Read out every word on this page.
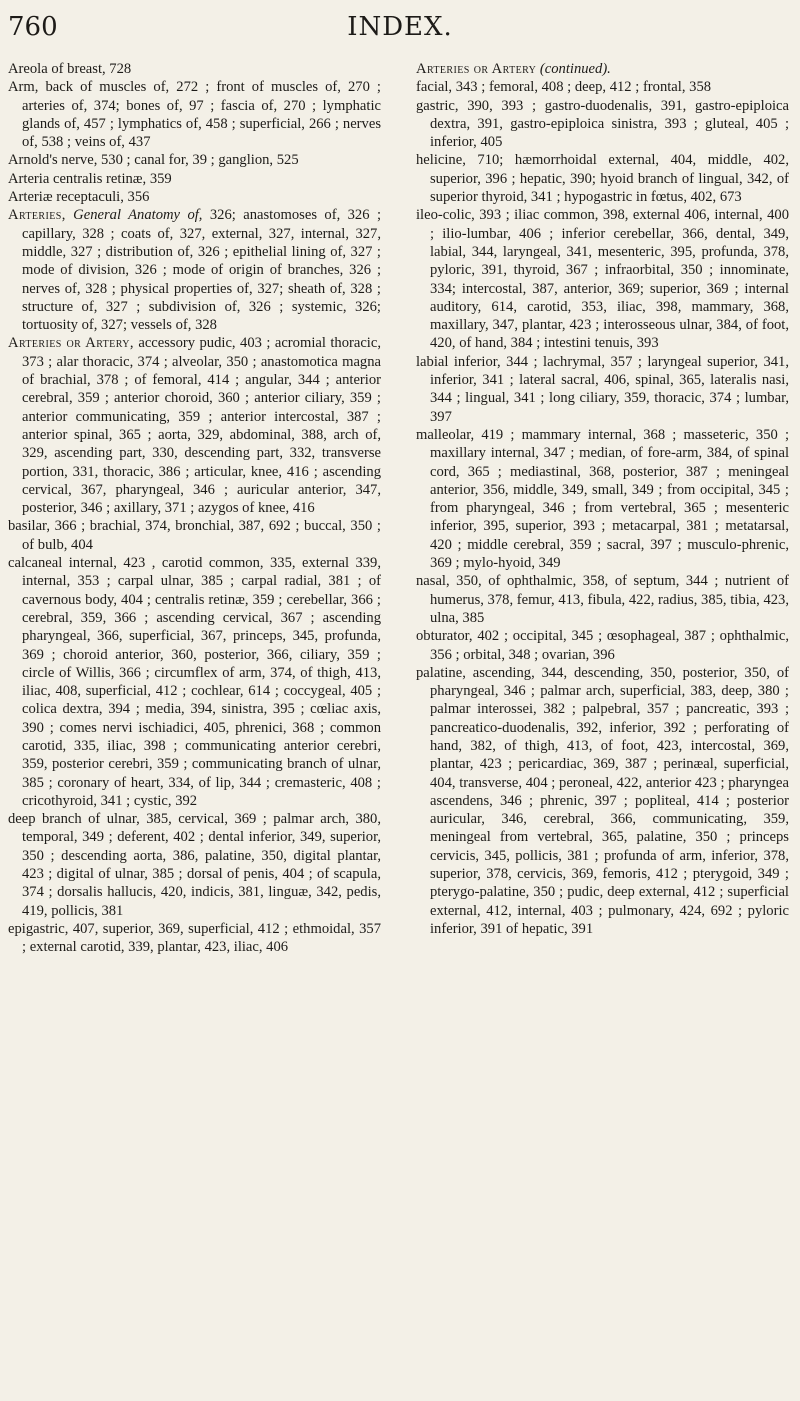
760	INDEX.

Areola of breast, 728

Arm, back of muscles of, 272 ; front of muscles of, 270 ; arteries of, 374; bones of, 97 ; fascia of, 270 ; lymphatic glands of, 457 ; lymphatics of, 458 ; superficial, 266 ; nerves of, 538 ; veins of, 437

Arnold's nerve, 530 ; canal for, 39 ; ganglion, 525

Arteria centralis retinæ, 359

Arteriæ receptaculi, 356

Arteries, General Anatomy of, 326; anastomoses of, 326 ; capillary, 328 ; coats of, 327, external, 327, internal, 327, middle, 327 ; distribution of, 326 ; epithelial lining of, 327 ; mode of division, 326 ; mode of origin of branches, 326 ; nerves of, 328 ; physical properties of, 327; sheath of, 328 ; structure of, 327 ; subdivision of, 326 ; systemic, 326; tortuosity of, 327; vessels of, 328

Arteries or Artery, accessory pudic, 403 ; acromial thoracic, 373 ; alar thoracic, 374 ; alveolar, 350 ; anastomotica magna of brachial, 378 ; of femoral, 414 ; angular, 344 ; anterior cerebral, 359 ; anterior choroid, 360 ; anterior ciliary, 359 ; anterior communicating, 359 ; anterior intercostal, 387 ; anterior spinal, 365 ; aorta, 329, abdominal, 388, arch of, 329, ascending part, 330, descending part, 332, transverse portion, 331, thoracic, 386 ; articular, knee, 416 ; ascending cervical, 367, pharyngeal, 346 ; auricular anterior, 347, posterior, 346 ; axillary, 371 ; azygos of knee, 416

basilar, 366 ; brachial, 374, bronchial, 387, 692 ; buccal, 350 ; of bulb, 404

calcaneal internal, 423 , carotid common, 335, external 339, internal, 353 ; carpal ulnar, 385 ; carpal radial, 381 ; of cavernous body, 404 ; centralis retinæ, 359 ; cerebellar, 366 ; cerebral, 359, 366 ; ascending cervical, 367 ; ascending pharyngeal, 366, superficial, 367, princeps, 345, profunda, 369 ; choroid anterior, 360, posterior, 366, ciliary, 359 ; circle of Willis, 366 ; circumflex of arm, 374, of thigh, 413, iliac, 408, superficial, 412 ; cochlear, 614 ; coccygeal, 405 ; colica dextra, 394 ; media, 394, sinistra, 395 ; cœliac axis, 390 ; comes nervi ischiadici, 405, phrenici, 368 ; common carotid, 335, iliac, 398 ; communicating anterior cerebri, 359, posterior cerebri, 359 ; communicating branch of ulnar, 385 ; coronary of heart, 334, of lip, 344 ; cremasteric, 408 ; cricothyroid, 341 ; cystic, 392

deep branch of ulnar, 385, cervical, 369 ; palmar arch, 380, temporal, 349 ; deferent, 402 ; dental inferior, 349, superior, 350 ; descending aorta, 386, palatine, 350, digital plantar, 423 ; digital of ulnar, 385 ; dorsal of penis, 404 ; of scapula, 374 ; dorsalis hallucis, 420, indicis, 381, linguæ, 342, pedis, 419, pollicis, 381

epigastric, 407, superior, 369, superficial, 412 ; ethmoidal, 357 ; external carotid, 339, plantar, 423, iliac, 406

Arteries or Artery (continued).

facial, 343 ; femoral, 408 ; deep, 412 ; frontal, 358

gastric, 390, 393 ; gastro-duodenalis, 391, gastro-epiploica dextra, 391, gastro-epiploica sinistra, 393 ; gluteal, 405 ; inferior, 405

helicine, 710; hæmorrhoidal external, 404, middle, 402, superior, 396 ; hepatic, 390; hyoid branch of lingual, 342, of superior thyroid, 341 ; hypogastric in fœtus, 402, 673

ileo-colic, 393 ; iliac common, 398, external 406, internal, 400 ; ilio-lumbar, 406 ; inferior cerebellar, 366, dental, 349, labial, 344, laryngeal, 341, mesenteric, 395, profunda, 378, pyloric, 391, thyroid, 367 ; infraorbital, 350 ; innominate, 334; intercostal, 387, anterior, 369; superior, 369 ; internal auditory, 614, carotid, 353, iliac, 398, mammary, 368, maxillary, 347, plantar, 423 ; interosseous ulnar, 384, of foot, 420, of hand, 384 ; intestini tenuis, 393

labial inferior, 344 ; lachrymal, 357 ; laryngeal superior, 341, inferior, 341 ; lateral sacral, 406, spinal, 365, lateralis nasi, 344 ; lingual, 341 ; long ciliary, 359, thoracic, 374 ; lumbar, 397

malleolar, 419 ; mammary internal, 368 ; masseteric, 350 ; maxillary internal, 347 ; median, of fore-arm, 384, of spinal cord, 365 ; mediastinal, 368, posterior, 387 ; meningeal anterior, 356, middle, 349, small, 349 ; from occipital, 345 ; from pharyngeal, 346 ; from vertebral, 365 ; mesenteric inferior, 395, superior, 393 ; metacarpal, 381 ; metatarsal, 420 ; middle cerebral, 359 ; sacral, 397 ; musculo-phrenic, 369 ; mylo-hyoid, 349

nasal, 350, of ophthalmic, 358, of septum, 344 ; nutrient of humerus, 378, femur, 413, fibula, 422, radius, 385, tibia, 423, ulna, 385

obturator, 402 ; occipital, 345 ; œsophageal, 387 ; ophthalmic, 356 ; orbital, 348 ; ovarian, 396

palatine, ascending, 344, descending, 350, posterior, 350, of pharyngeal, 346 ; palmar arch, superficial, 383, deep, 380 ; palmar interossei, 382 ; palpebral, 357 ; pancreatic, 393 ; pancreatico-duodenalis, 392, inferior, 392 ; perforating of hand, 382, of thigh, 413, of foot, 423, intercostal, 369, plantar, 423 ; pericardiac, 369, 387 ; perinæal, superficial, 404, transverse, 404 ; peroneal, 422, anterior 423 ; pharyngea ascendens, 346 ; phrenic, 397 ; popliteal, 414 ; posterior auricular, 346, cerebral, 366, communicating, 359, meningeal from vertebral, 365, palatine, 350 ; princeps cervicis, 345, pollicis, 381 ; profunda of arm, inferior, 378, superior, 378, cervicis, 369, femoris, 412 ; pterygoid, 349 ; pterygo-palatine, 350 ; pudic, deep external, 412 ; superficial external, 412, internal, 403 ; pulmonary, 424, 692 ; pyloric inferior, 391 of hepatic, 391
